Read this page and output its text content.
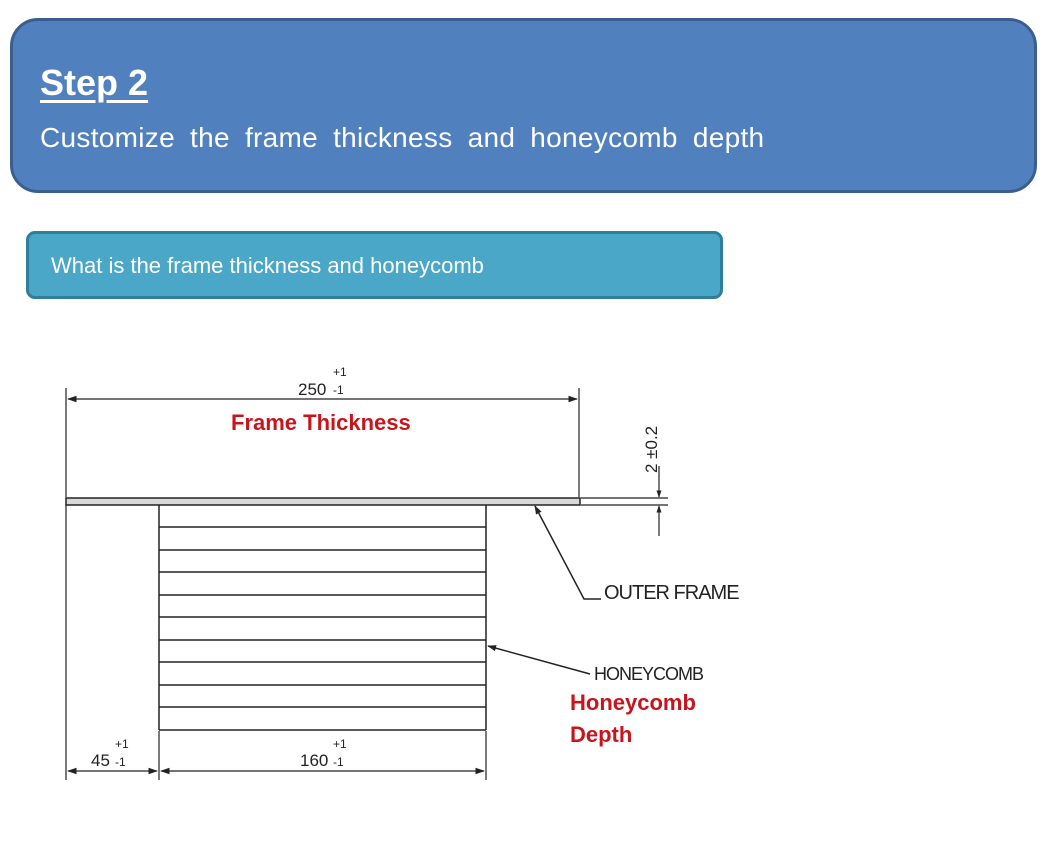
Step 2
Customize the frame thickness and honeycomb depth
What is the frame thickness and honeycomb
250
+1
-1
Frame Thickness
2 ±0.2
OUTER FRAME
HONEYCOMB
Honeycomb
Depth
45
+1
-1	160
+1
-1
